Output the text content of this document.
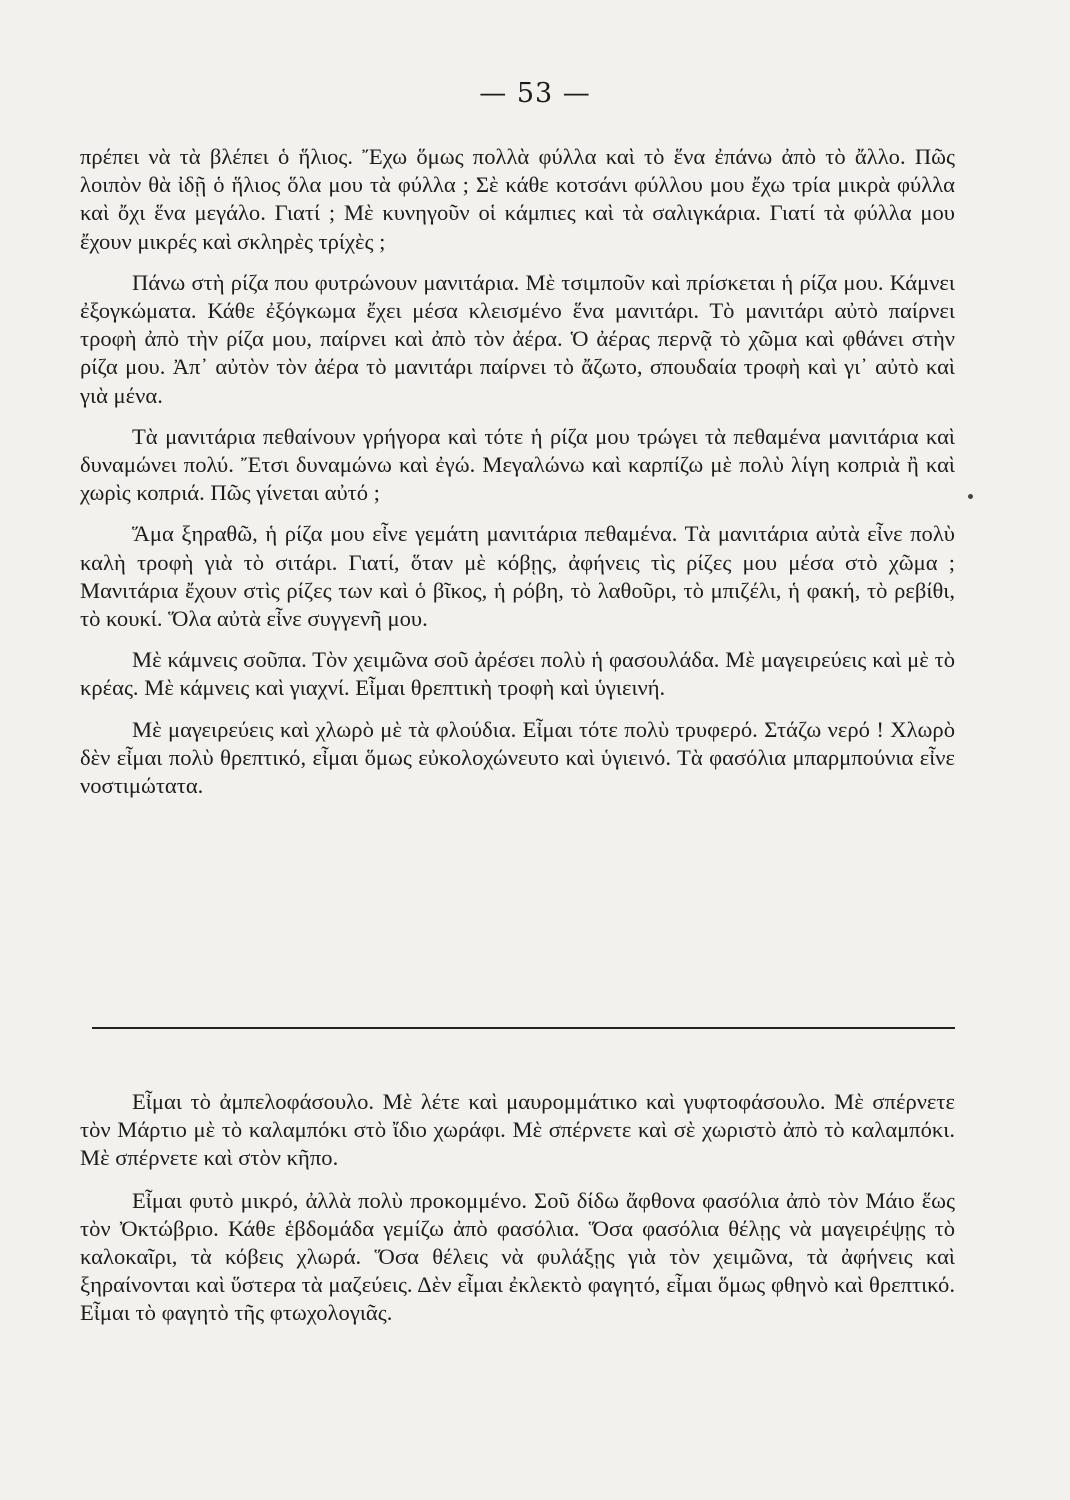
— 53 —

πρέπει νὰ τὰ βλέπει ὁ ἥλιος. Ἔχω ὅμως πολλὰ φύλλα καὶ τὸ ἕνα ἐπάνω ἀπὸ τὸ ἄλλο. Πῶς λοιπὸν θὰ ἰδῇ ὁ ἥλιος ὅλα μου τὰ φύλλα ; Σὲ κάθε κοτσάνι φύλλου μου ἔχω τρία μικρὰ φύλλα καὶ ὄχι ἕνα μεγάλο. Γιατί ; Μὲ κυνηγοῦν οἱ κάμπιες καὶ τὰ σαλιγκάρια. Γιατί τὰ φύλλα μου ἔχουν μικρές καὶ σκληρὲς τρίχὲς ;

Πάνω στὴ ρίζα που φυτρώνουν μανιτάρια. Μὲ τσιμποῦν καὶ πρίσκεται ἡ ρίζα μου. Κάμνει ἐξογκώματα. Κάθε ἐξόγκωμα ἔχει μέσα κλεισμένο ἕνα μανιτάρι. Τὸ μανιτάρι αὐτὸ παίρνει τροφὴ ἀπὸ τὴν ρίζα μου, παίρνει καὶ ἀπὸ τὸν ἀέρα. Ὁ ἀέρας περνᾷ τὸ χῶμα καὶ φθάνει στὴν ρίζα μου. Ἀπ᾽ αὐτὸν τὸν ἀέρα τὸ μανιτάρι παίρνει τὸ ἄζωτο, σπουδαία τροφὴ καὶ γι᾽ αὐτὸ καὶ γιὰ μένα.

Τὰ μανιτάρια πεθαίνουν γρήγορα καὶ τότε ἡ ρίζα μου τρώγει τὰ πεθαμένα μανιτάρια καὶ δυναμώνει πολύ. Ἔτσι δυναμώνω καὶ ἐγώ. Μεγαλώνω καὶ καρπίζω μὲ πολὺ λίγη κοπριὰ ἢ καὶ χωρὶς κοπριά. Πῶς γίνεται αὐτό ;

Ἅμα ξηραθῶ, ἡ ρίζα μου εἶνε γεμάτη μανιτάρια πεθαμένα. Τὰ μανιτάρια αὐτὰ εἶνε πολὺ καλὴ τροφὴ γιὰ τὸ σιτάρι. Γιατί, ὅταν μὲ κόβῃς, ἀφήνεις τὶς ρίζες μου μέσα στὸ χῶμα ; Μανιτάρια ἔχουν στὶς ρίζες των καὶ ὁ βῖκος, ἡ ρόβη, τὸ λαθοῦρι, τὸ μπιζέλι, ἡ φακή, τὸ ρεβίθι, τὸ κουκί. Ὅλα αὐτὰ εἶνε συγγενῆ μου.

Μὲ κάμνεις σοῦπα. Τὸν χειμῶνα σοῦ ἀρέσει πολὺ ἡ φασουλάδα. Μὲ μαγειρεύεις καὶ μὲ τὸ κρέας. Μὲ κάμνεις καὶ γιαχνί. Εἶμαι θρεπτικὴ τροφὴ καὶ ὑγιεινή.

Μὲ μαγειρεύεις καὶ χλωρὸ μὲ τὰ φλούδια. Εἶμαι τότε πολὺ τρυφερό. Στάζω νερό ! Χλωρὸ δὲν εἶμαι πολὺ θρεπτικό, εἶμαι ὅμως εὐκολοχώνευτο καὶ ὑγιεινό. Τὰ φασόλια μπαρμπούνια εἶνε νοστιμώτατα.

Εἶμαι τὸ ἀμπελοφάσουλο. Μὲ λέτε καὶ μαυρομμάτικο καὶ γυφτοφάσουλο. Μὲ σπέρνετε τὸν Μάρτιο μὲ τὸ καλαμπόκι στὸ ἴδιο χωράφι. Μὲ σπέρνετε καὶ σὲ χωριστὸ ἀπὸ τὸ καλαμπόκι. Μὲ σπέρνετε καὶ στὸν κῆπο.

Εἶμαι φυτὸ μικρό, ἀλλὰ πολὺ προκομμένο. Σοῦ δίδω ἄφθονα φασόλια ἀπὸ τὸν Μάιο ἕως τὸν Ὀκτώβριο. Κάθε ἑβδομάδα γεμίζω ἀπὸ φασόλια. Ὅσα φασόλια θέλῃς νὰ μαγειρέψῃς τὸ καλοκαῖρι, τὰ κόβεις χλωρά. Ὅσα θέλεις νὰ φυλάξῃς γιὰ τὸν χειμῶνα, τὰ ἀφήνεις καὶ ξηραίνονται καὶ ὕστερα τὰ μαζεύεις. Δὲν εἶμαι ἐκλεκτὸ φαγητό, εἶμαι ὅμως φθηνὸ καὶ θρεπτικό. Εἶμαι τὸ φαγητὸ τῆς φτωχολογιᾶς.
